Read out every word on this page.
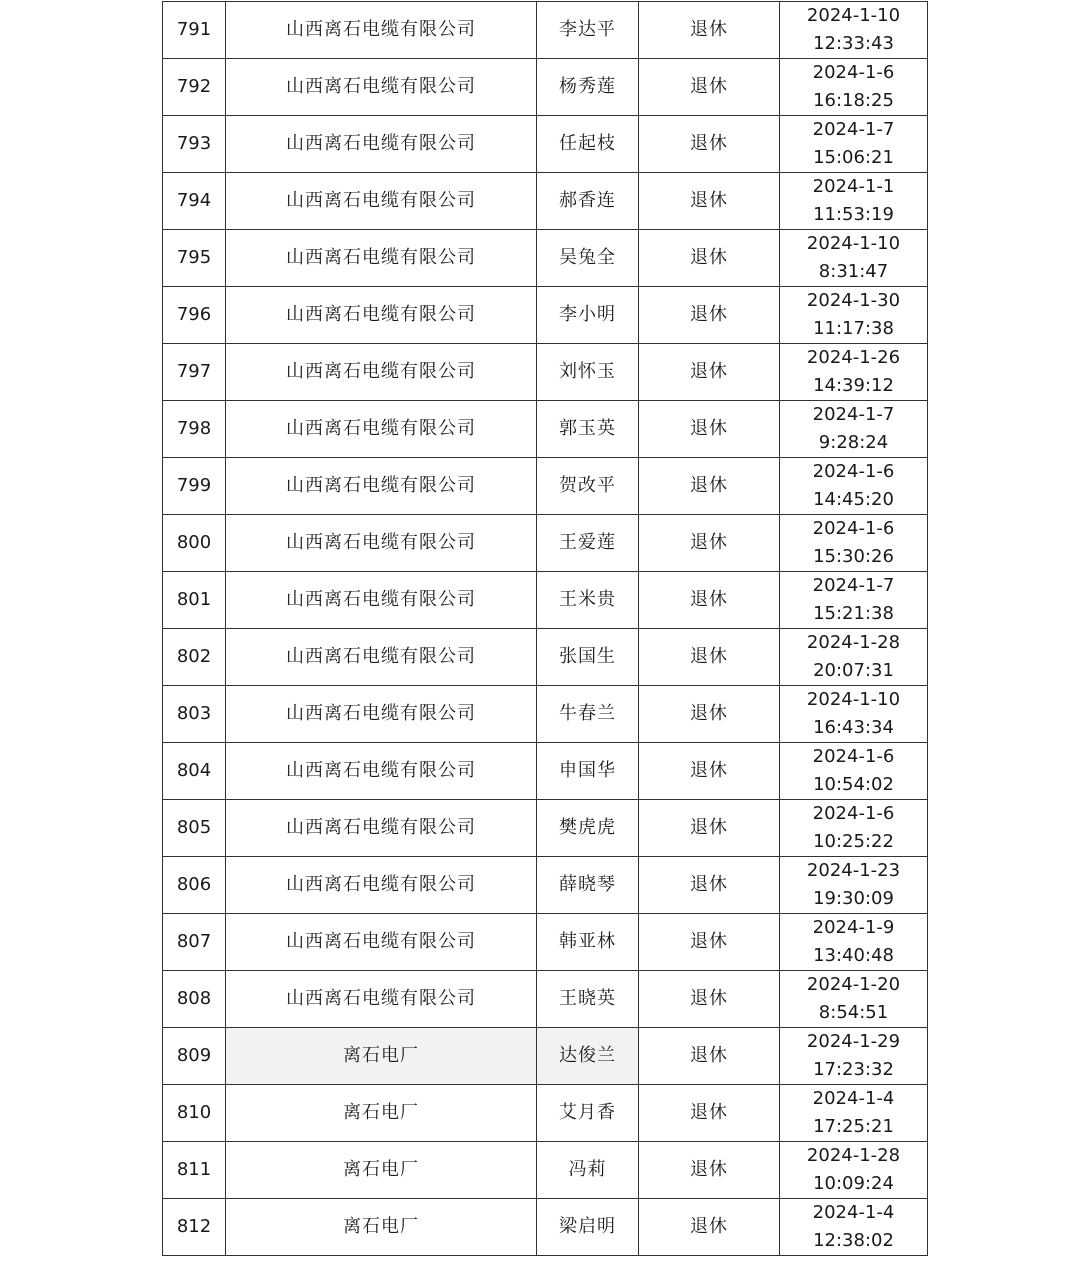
791	山西离石电缆有限公司	李达平	退休	2024-1-10
12:33:43

792	山西离石电缆有限公司	杨秀莲	退休	2024-1-6
16:18:25

793	山西离石电缆有限公司	任起枝	退休	2024-1-7
15:06:21

794	山西离石电缆有限公司	郝香连	退休	2024-1-1
11:53:19

795	山西离石电缆有限公司	吴兔全	退休	2024-1-10
8:31:47

796	山西离石电缆有限公司	李小明	退休	2024-1-30
11:17:38

797	山西离石电缆有限公司	刘怀玉	退休	2024-1-26
14:39:12

798	山西离石电缆有限公司	郭玉英	退休	2024-1-7
9:28:24

799	山西离石电缆有限公司	贺改平	退休	2024-1-6
14:45:20

800	山西离石电缆有限公司	王爱莲	退休	2024-1-6
15:30:26

801	山西离石电缆有限公司	王米贵	退休	2024-1-7
15:21:38

802	山西离石电缆有限公司	张国生	退休	2024-1-28
20:07:31

803	山西离石电缆有限公司	牛春兰	退休	2024-1-10
16:43:34

804	山西离石电缆有限公司	申国华	退休	2024-1-6
10:54:02

805	山西离石电缆有限公司	樊虎虎	退休	2024-1-6
10:25:22

806	山西离石电缆有限公司	薛晓琴	退休	2024-1-23
19:30:09

807	山西离石电缆有限公司	韩亚林	退休	2024-1-9
13:40:48

808	山西离石电缆有限公司	王晓英	退休	2024-1-20
8:54:51

809	离石电厂	达俊兰	退休	2024-1-29
17:23:32

810	离石电厂	艾月香	退休	2024-1-4
17:25:21

811	离石电厂	冯莉	退休	2024-1-28
10:09:24

812	离石电厂	梁启明	退休	2024-1-4
12:38:02
